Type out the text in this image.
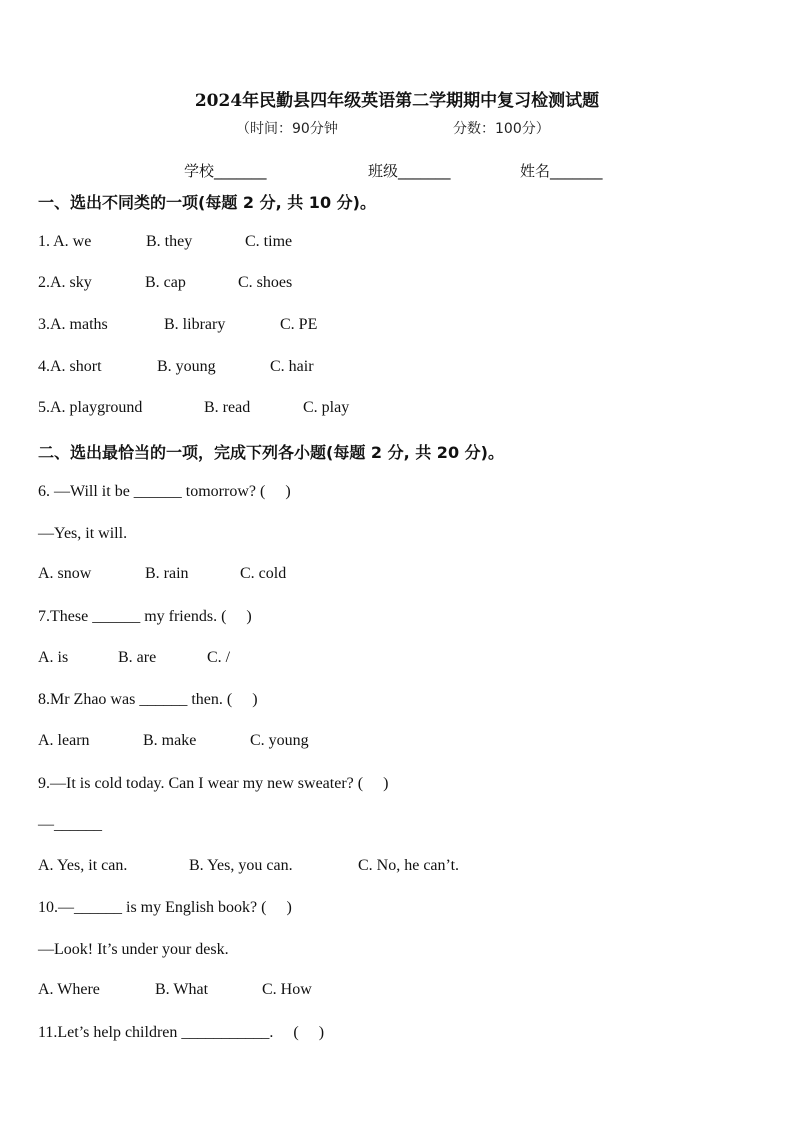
2024年民勤县四年级英语第二学期期中复习检测试题
（时间：90分钟	分数：100分）
学校_______	班级_______	姓名_______
一、选出不同类的一项(每题 2 分, 共 10 分)。
1. A. we	B. they	C. time
2.A. sky	B. cap	C. shoes
3.A. maths	B. library	C. PE
4.A. short	B. young	C. hair
5.A. playground	B. read	C. play
二、选出最恰当的一项，完成下列各小题(每题 2 分, 共 20 分)。
6. —Will it be ______ tomorrow? (     )
—Yes, it will.
A. snow	B. rain	C. cold
7.These ______ my friends. (     )
A. is	B. are	C. /
8.Mr Zhao was ______ then. (     )
A. learn	B. make	C. young
9.—It is cold today. Can I wear my new sweater? (     )
—______
A. Yes, it can.	B. Yes, you can.	C. No, he can’t.
10.—______ is my English book? (     )
—Look! It’s under your desk.
A. Where	B. What	C. How
11.Let’s help children ___________.     (     )
